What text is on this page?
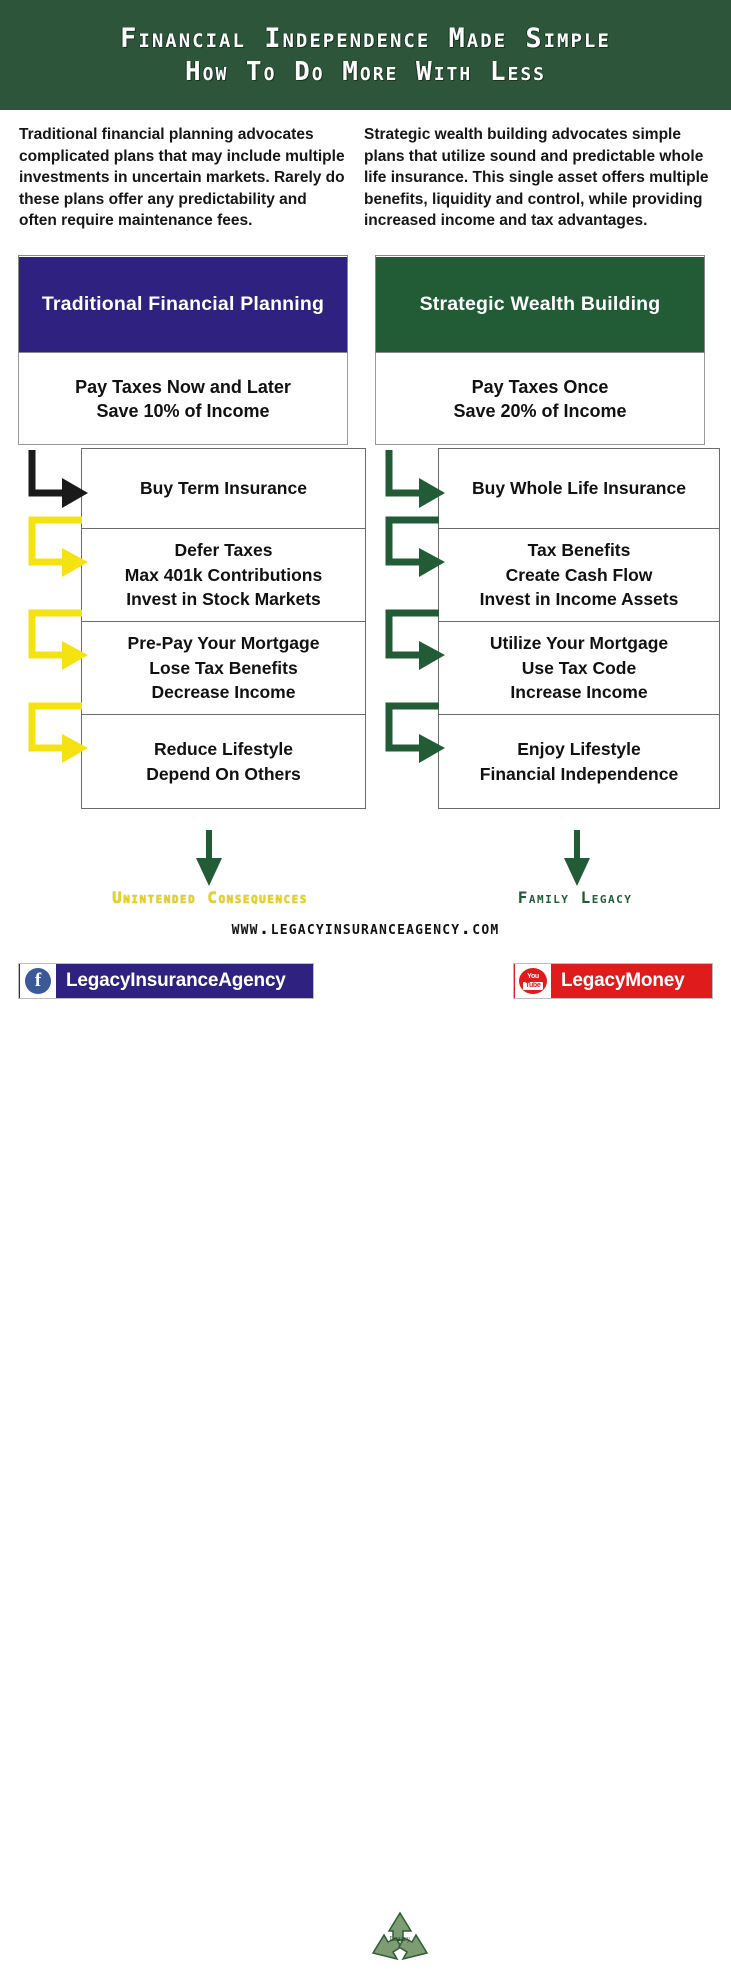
Financial Independence Made Simple
How To Do More With Less
Traditional financial planning advocates complicated plans that may include multiple investments in uncertain markets. Rarely do these plans offer any predictability and often require maintenance fees.
Strategic wealth building advocates simple plans that utilize sound and predictable whole life insurance. This single asset offers multiple benefits, liquidity and control, while providing increased income and tax advantages.
Traditional Financial Planning
Pay Taxes Now and Later
Save 10% of Income
Buy Term Insurance
Defer Taxes
Max 401k Contributions
Invest in Stock Markets
Pre-Pay Your Mortgage
Lose Tax Benefits
Decrease Income
Reduce Lifestyle
Depend On Others
Strategic Wealth Building
Pay Taxes Once
Save 20% of Income
Buy Whole Life Insurance
Tax Benefits
Create Cash Flow
Invest in Income Assets
Utilize Your Mortgage
Use Tax Code
Increase Income
Enjoy Lifestyle
Financial Independence
Unintended Consequences	Family Legacy
www.legacyinsuranceagency.com
f	LegacyInsuranceAgency
Legacy
You
Tube LegacyMoney
